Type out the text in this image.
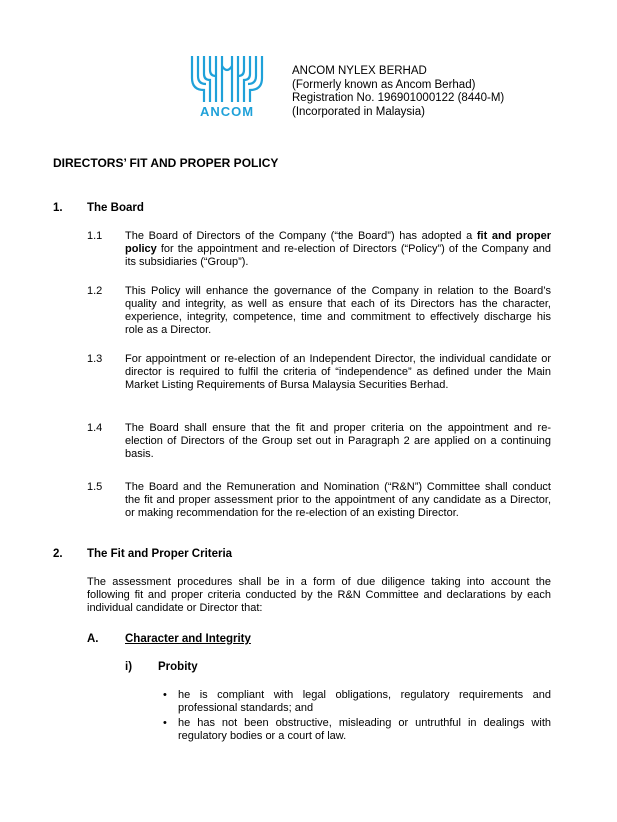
ANCOM
ANCOM NYLEX BERHAD
(Formerly known as Ancom Berhad)
Registration No. 196901000122 (8440-M)
(Incorporated in Malaysia)
DIRECTORS’ FIT AND PROPER POLICY
1. The Board
1.1 The Board of Directors of the Company (“the Board”) has adopted a fit and proper policy for the appointment and re-election of Directors (“Policy”) of the Company and its subsidiaries (“Group”).
1.2 This Policy will enhance the governance of the Company in relation to the Board’s quality and integrity, as well as ensure that each of its Directors has the character, experience, integrity, competence, time and commitment to effectively discharge his role as a Director.
1.3 For appointment or re-election of an Independent Director, the individual candidate or director is required to fulfil the criteria of “independence” as defined under the Main Market Listing Requirements of Bursa Malaysia Securities Berhad.
1.4 The Board shall ensure that the fit and proper criteria on the appointment and re-election of Directors of the Group set out in Paragraph 2 are applied on a continuing basis.
1.5 The Board and the Remuneration and Nomination (“R&N”) Committee shall conduct the fit and proper assessment prior to the appointment of any candidate as a Director, or making recommendation for the re-election of an existing Director.
2. The Fit and Proper Criteria
The assessment procedures shall be in a form of due diligence taking into account the following fit and proper criteria conducted by the R&N Committee and declarations by each individual candidate or Director that:
A. Character and Integrity
i) Probity
• he is compliant with legal obligations, regulatory requirements and professional standards; and
• he has not been obstructive, misleading or untruthful in dealings with regulatory bodies or a court of law.
